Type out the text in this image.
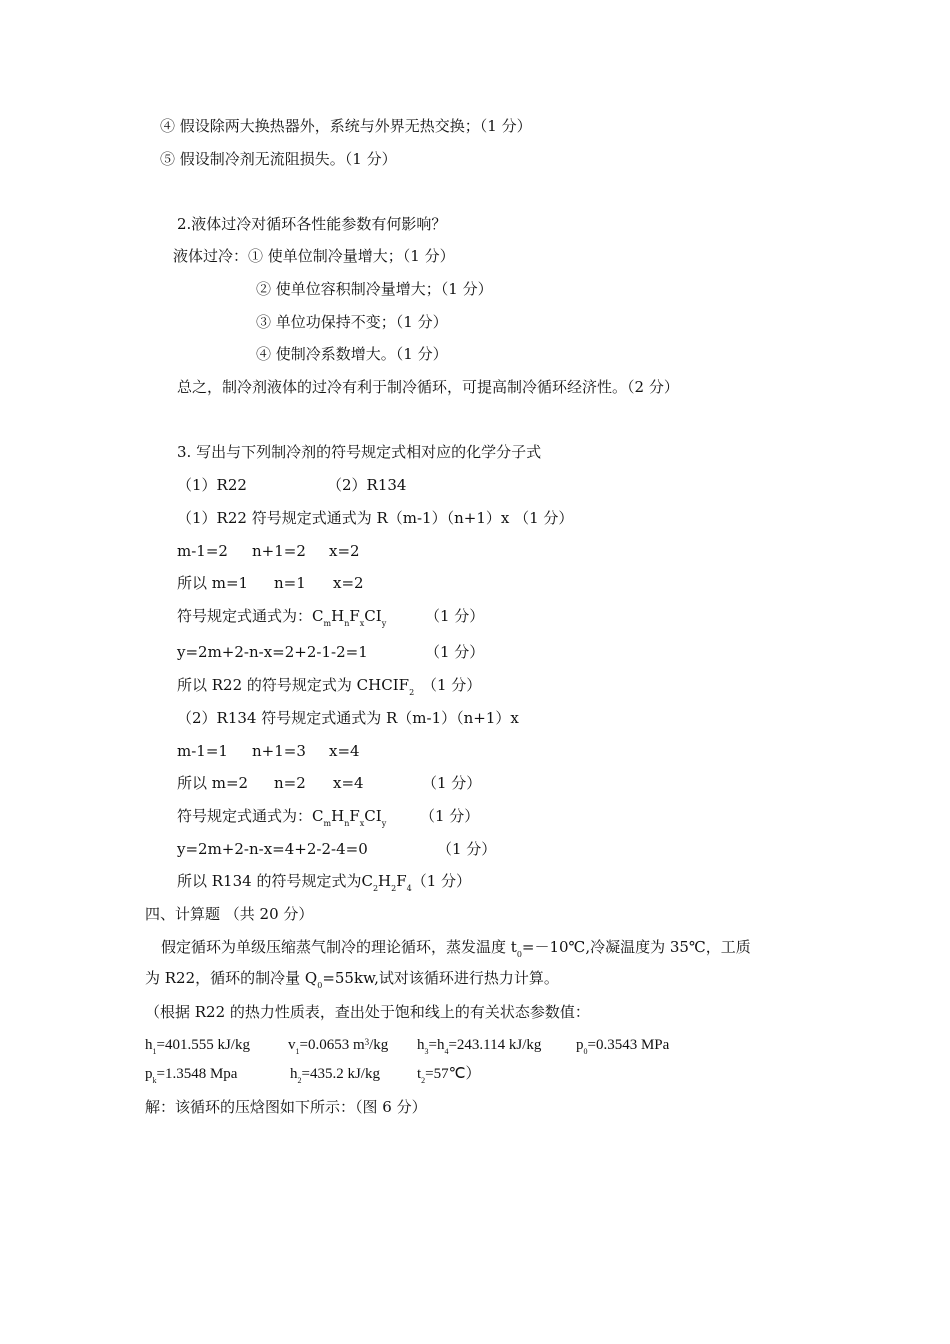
④ 假设除两大换热器外，系统与外界无热交换；（1 分）
⑤ 假设制冷剂无流阻损失。（1 分）
2.液体过冷对循环各性能参数有何影响？
液体过冷：① 使单位制冷量增大；（1 分）
② 使单位容积制冷量增大；（1 分）
③ 单位功保持不变；（1 分）
④ 使制冷系数增大。（1 分）
总之，制冷剂液体的过冷有利于制冷循环，可提高制冷循环经济性。（2 分）
3. 写出与下列制冷剂的符号规定式相对应的化学分子式
（1）R22	（2）R134
（1）R22 符号规定式通式为 R（m-1）（n+1）x （1 分）
m-1=2 n+1=2 x=2
所以 m=1 n=1 x=2
符号规定式通式为：$C_mH_nF_xCI_y$	（1 分）
y=2m+2-n-x=2+2-1-2=1	（1 分）
所以 R22 的符号规定式为 $CHCIF_2$ （1 分）
（2）R134 符号规定式通式为 R（m-1）（n+1）x
m-1=1 n+1=3 x=4
所以 m=2 n=2 x=4	（1 分）
符号规定式通式为：$C_mH_nF_xCI_y$ （1 分）
y=2m+2-n-x=4+2-2-4=0	（1 分）
所以 R134 的符号规定式为$C_2H_2F_4(1$ 分）
四、计算题 （共 20 分）
假定循环为单级压缩蒸气制冷的理论循环，蒸发温度 $t_0=-10℃$,冷凝温度为 35℃，工质
为 R22，循环的制冷量 $Q_0=55kw$,试对该循环进行热力计算。
（根据 R22 的热力性质表，查出处于饱和线上的有关状态参数值：
$h_1=401.555$ kJ/kg	$v_1=0.0653$ $m^3/kg$ $h_3=h_4=243.114$ kJ/kg $p_0=0.3543$ MPa
$p_k=1.3548$ Mpa	$h_2=435.2$ kJ/kg $t_2=57℃$）
解：该循环的压焓图如下所示：（图 6 分）
